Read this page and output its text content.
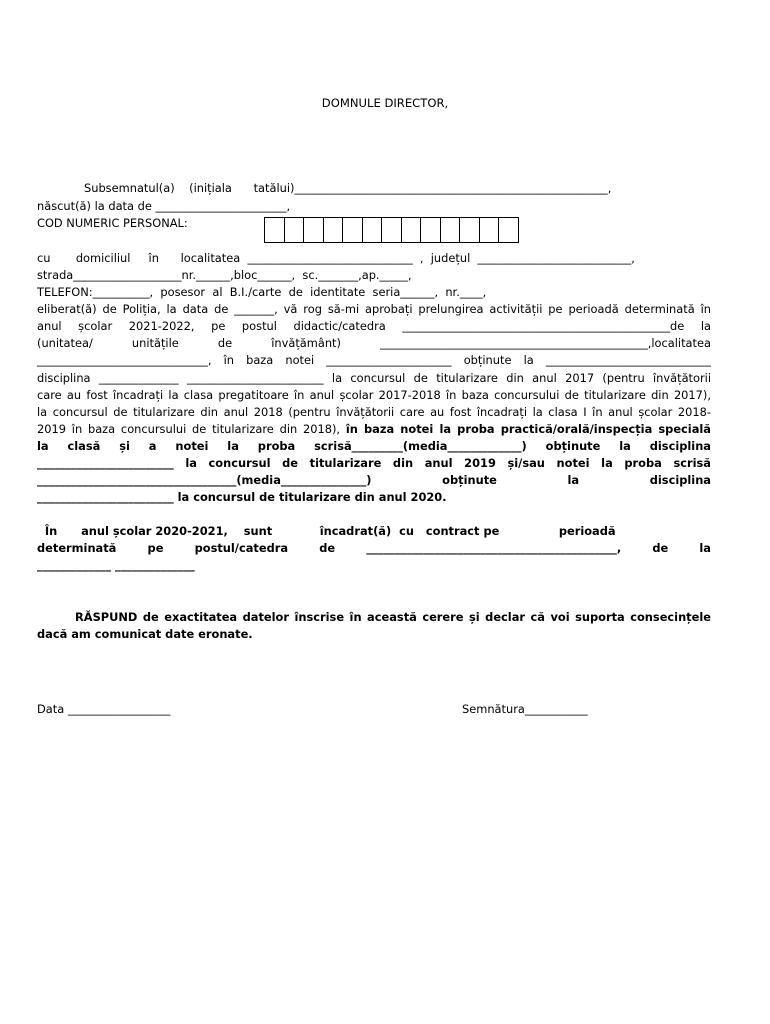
DOMNULE DIRECTOR,
Subsemnatul(a)    (inițiala      tatălui)_______________________________________________________,
născut(ă) la data de _______________________,
COD NUMERIC PERSONAL:
cu       domiciliul     în      localitatea  _____________________________  ,  județul  ___________________________,
strada___________________nr.______,bloc______,  sc._______,ap._____,
TELEFON:__________,  posesor  al  B.I./carte  de  identitate  seria______,  nr.____,
eliberat(ă) de Poliția, la data de _______, vă rog să-mi aprobați prelungirea activității pe perioadă determinată în
anul școlar 2021-2022, pe postul didactic/catedra _______________________________________________de la
(unitatea/ unitățile de învățământ) _______________________________________________,localitatea
______________________________, în baza notei ______________________ obținute la _____________________________
disciplina ______________ ________________________ la concursul de titularizare din anul 2017 (pentru învățătorii
care au fost încadrați la clasa pregatitoare în anul școlar 2017-2018 în baza concursului de titularizare din 2017),
la concursul de titularizare din anul 2018 (pentru învățătorii care au fost încadrați la clasa I în anul școlar 2018-
2019 în baza concursului de titularizare din 2018), în baza notei la proba practică/orală/inspecția specială
la clasă și a notei la proba scrisă_________(media_____________) obținute la disciplina
________________________ la concursul de titularizare din anul 2019 și/sau notei la proba scrisă
___________________________________(media_______________) obținute la disciplina
________________________ la concursul de titularizare din anul 2020.
În      anul școlar 2020-2021,    sunt            încadrat(ă)  cu   contract pe               perioadă
determinată pe postul/catedra de ____________________________________________, de la
_____________ ______________
RĂSPUND de exactitatea datelor înscrise în această cerere și declar că voi suporta consecințele
dacă am comunicat date eronate.
Data __________________	Semnătura___________
